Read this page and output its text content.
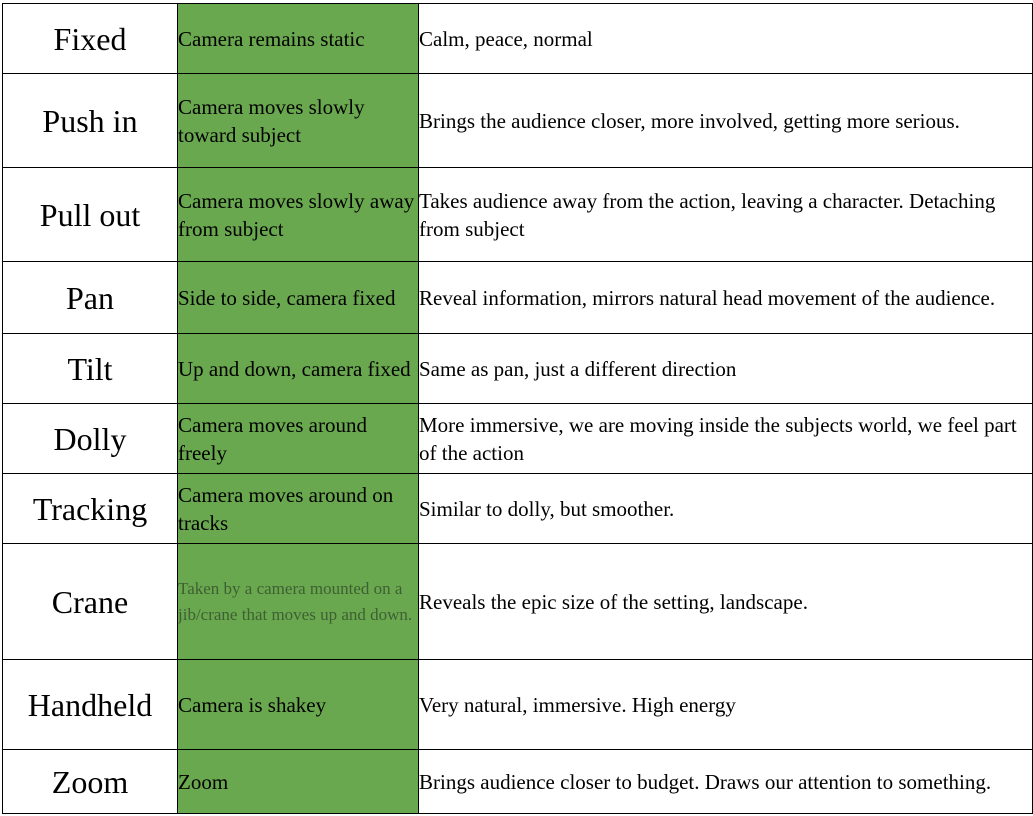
Fixed	Camera remains static	Calm, peace, normal
Push in	Camera moves slowly toward subject	Brings the audience closer, more involved, getting more serious.
Pull out	Camera moves slowly away from subject	Takes audience away from the action, leaving a character. Detaching from subject
Pan	Side to side, camera fixed	Reveal information, mirrors natural head movement of the audience.
Tilt	Up and down, camera fixed	Same as pan, just a different direction
Dolly	Camera moves around freely	More immersive, we are moving inside the subjects world, we feel part of the action
Tracking	Camera moves around on tracks	Similar to dolly, but smoother.
Crane	Taken by a camera mounted on a jib/crane that moves up and down.	Reveals the epic size of the setting, landscape.
Handheld	Camera is shakey	Very natural, immersive. High energy
Zoom	Zoom	Brings audience closer to budget. Draws our attention to something.
